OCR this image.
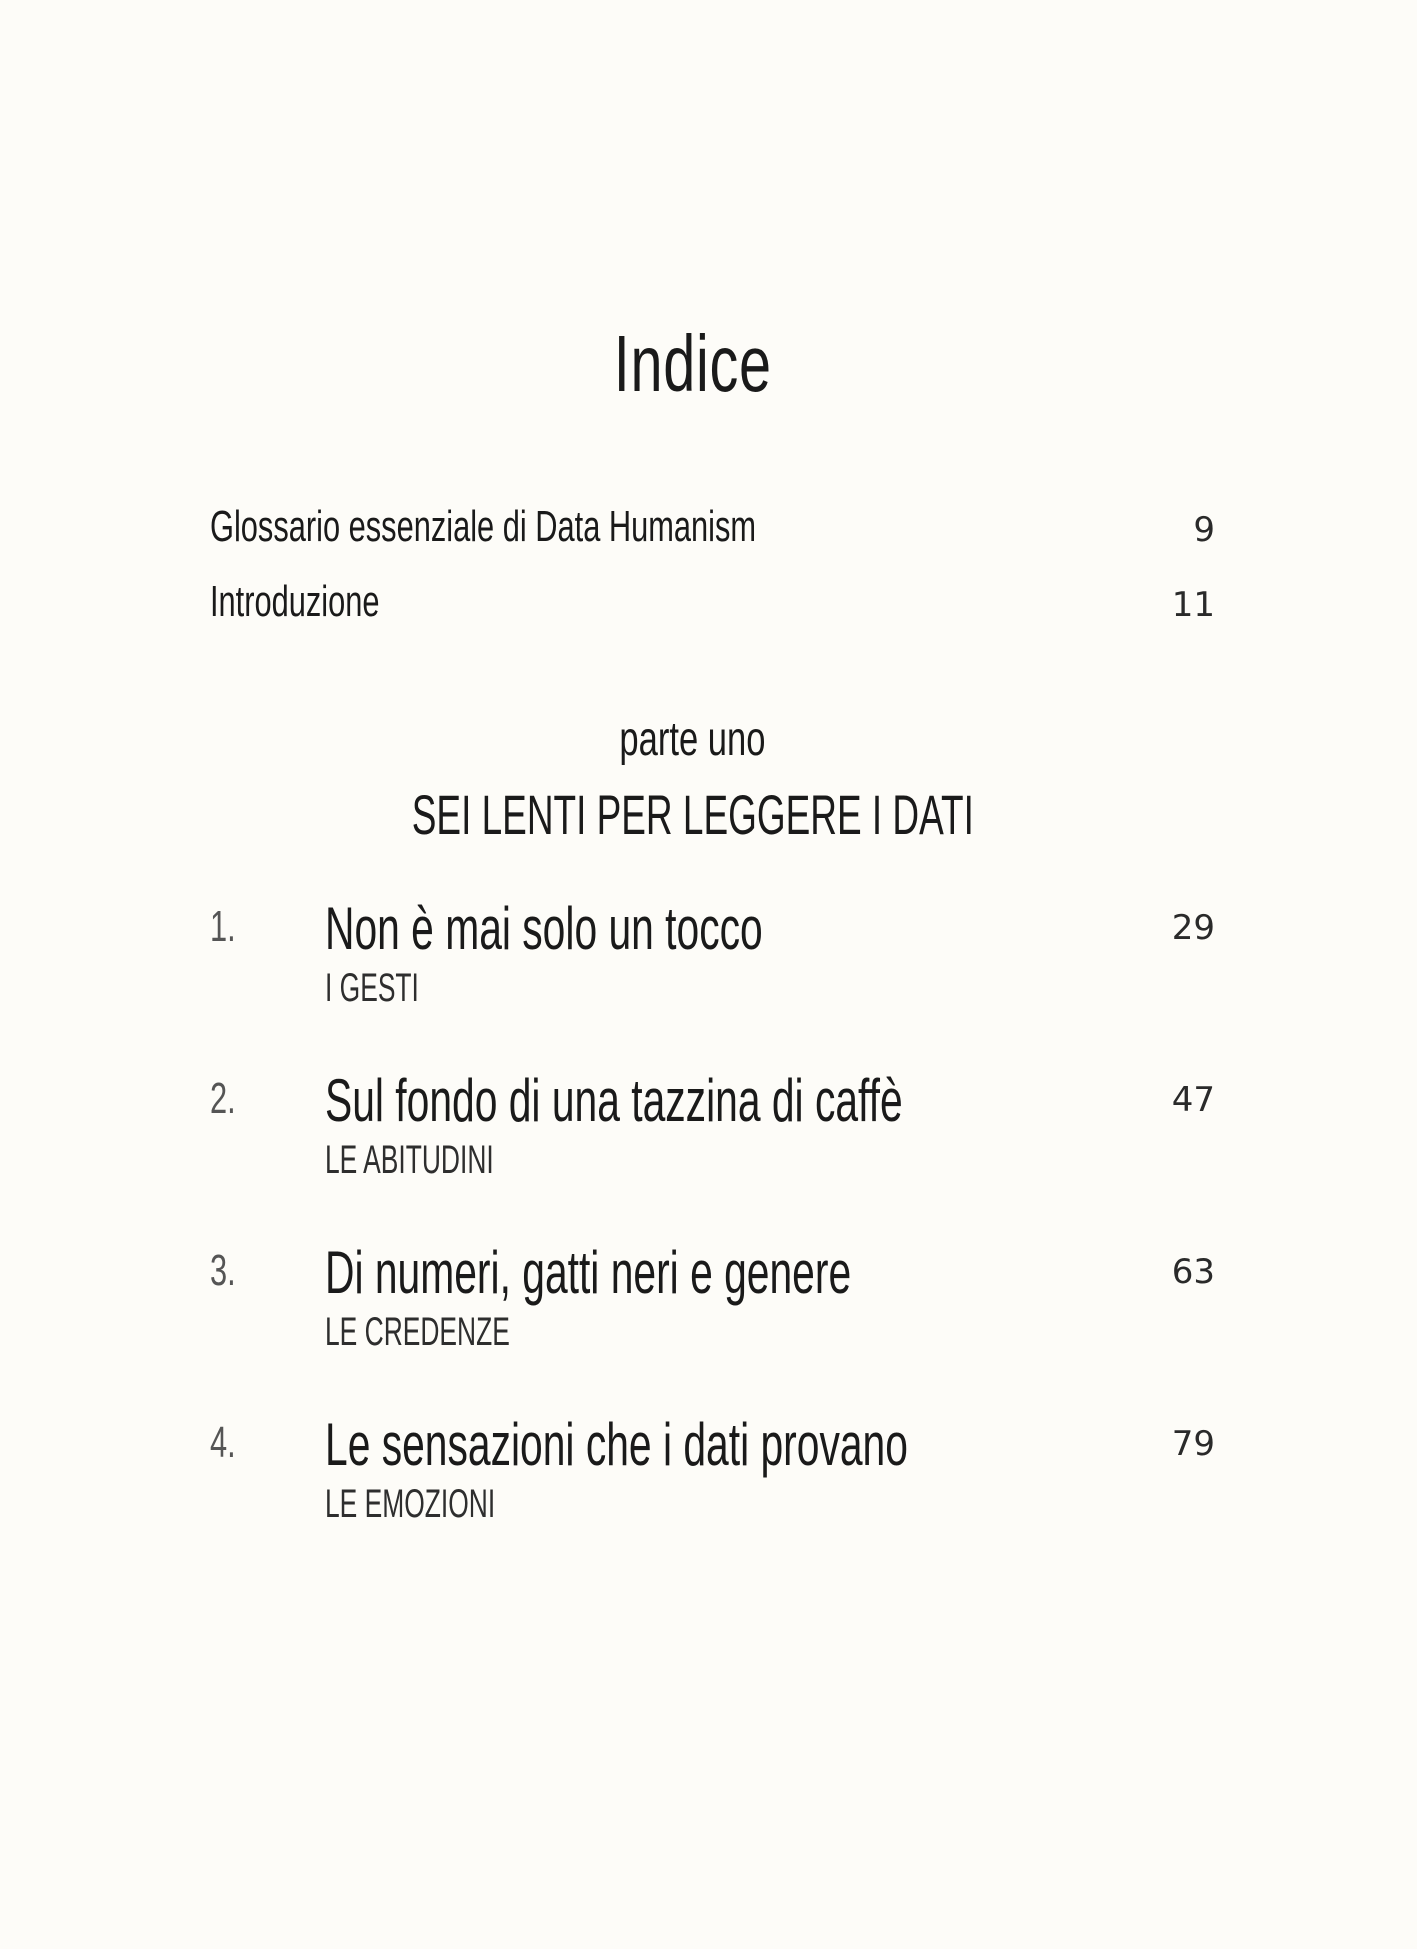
Indice
Glossario essenziale di Data Humanism	9
Introduzione	11
parte uno
SEI LENTI PER LEGGERE I DATI
1. Non è mai solo un tocco
I GESTI
29
2. Sul fondo di una tazzina di caffè
LE ABITUDINI
47
3. Di numeri, gatti neri e genere
LE CREDENZE
63
4. Le sensazioni che i dati provano
LE EMOZIONI
79
